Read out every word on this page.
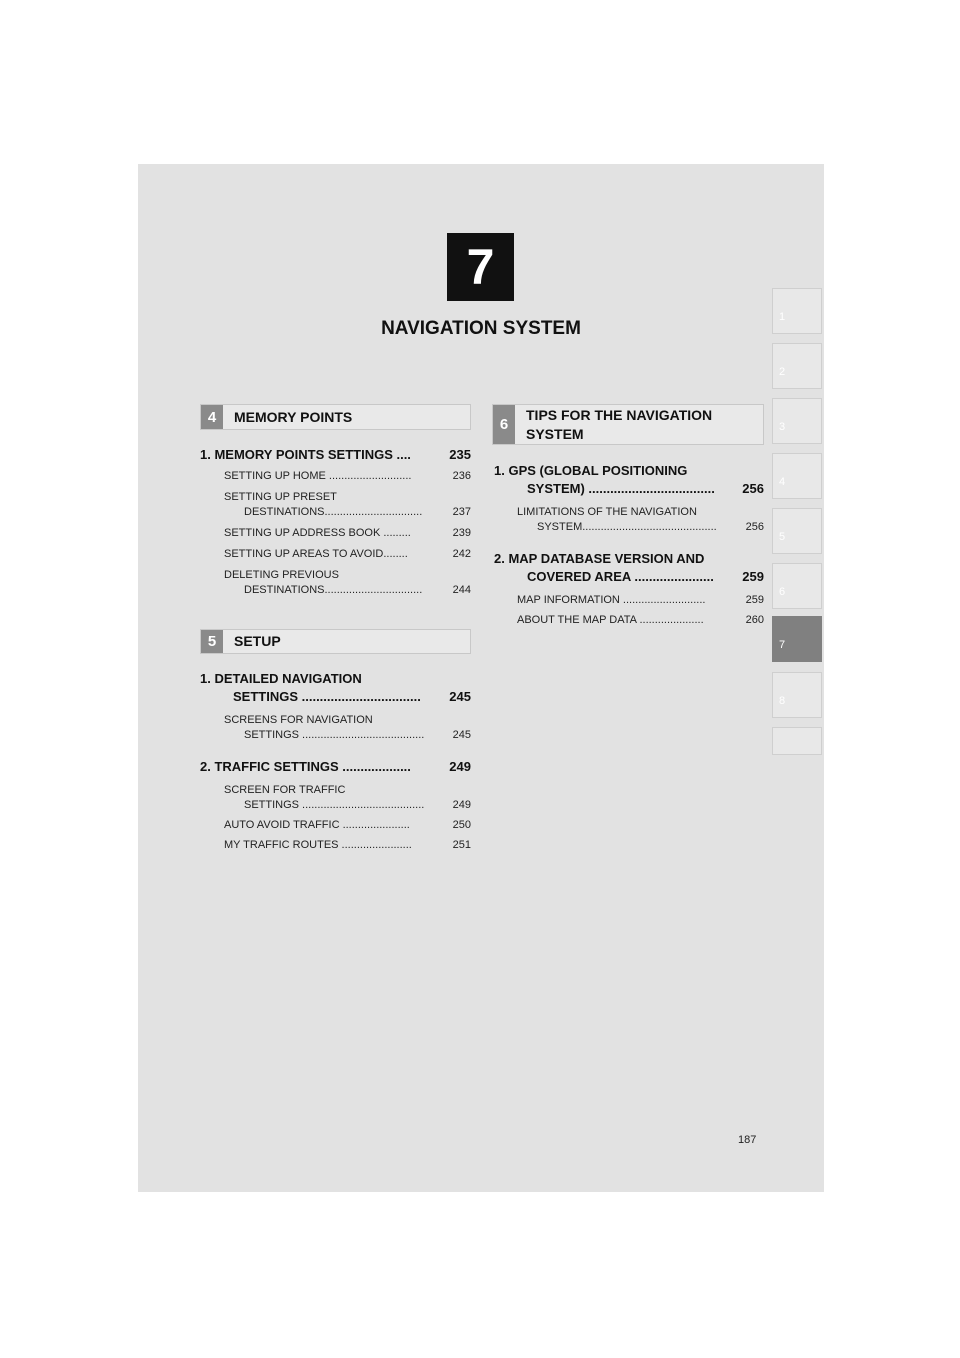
7
NAVIGATION SYSTEM
1
2
3
4
5
6
7
8
4	MEMORY POINTS
1. MEMORY POINTS SETTINGS ....	235
SETTING UP HOME ...........................	236
SETTING UP PRESET
DESTINATIONS................................	237
SETTING UP ADDRESS BOOK .........	239
SETTING UP AREAS TO AVOID........	242
DELETING PREVIOUS
DESTINATIONS................................	244
5	SETUP
1. DETAILED NAVIGATION
SETTINGS ................................. 245
SCREENS FOR NAVIGATION
SETTINGS ........................................	245
2. TRAFFIC SETTINGS ...................	249
SCREEN FOR TRAFFIC
SETTINGS ........................................	249
AUTO AVOID TRAFFIC ......................	250
MY TRAFFIC ROUTES .......................	251
6
TIPS FOR THE NAVIGATION
SYSTEM
1. GPS (GLOBAL POSITIONING
SYSTEM) ................................... 256
LIMITATIONS OF THE NAVIGATION
SYSTEM............................................	256
2. MAP DATABASE VERSION AND
COVERED AREA ...................... 259
MAP INFORMATION ...........................	259
ABOUT THE MAP DATA .....................	260
187
